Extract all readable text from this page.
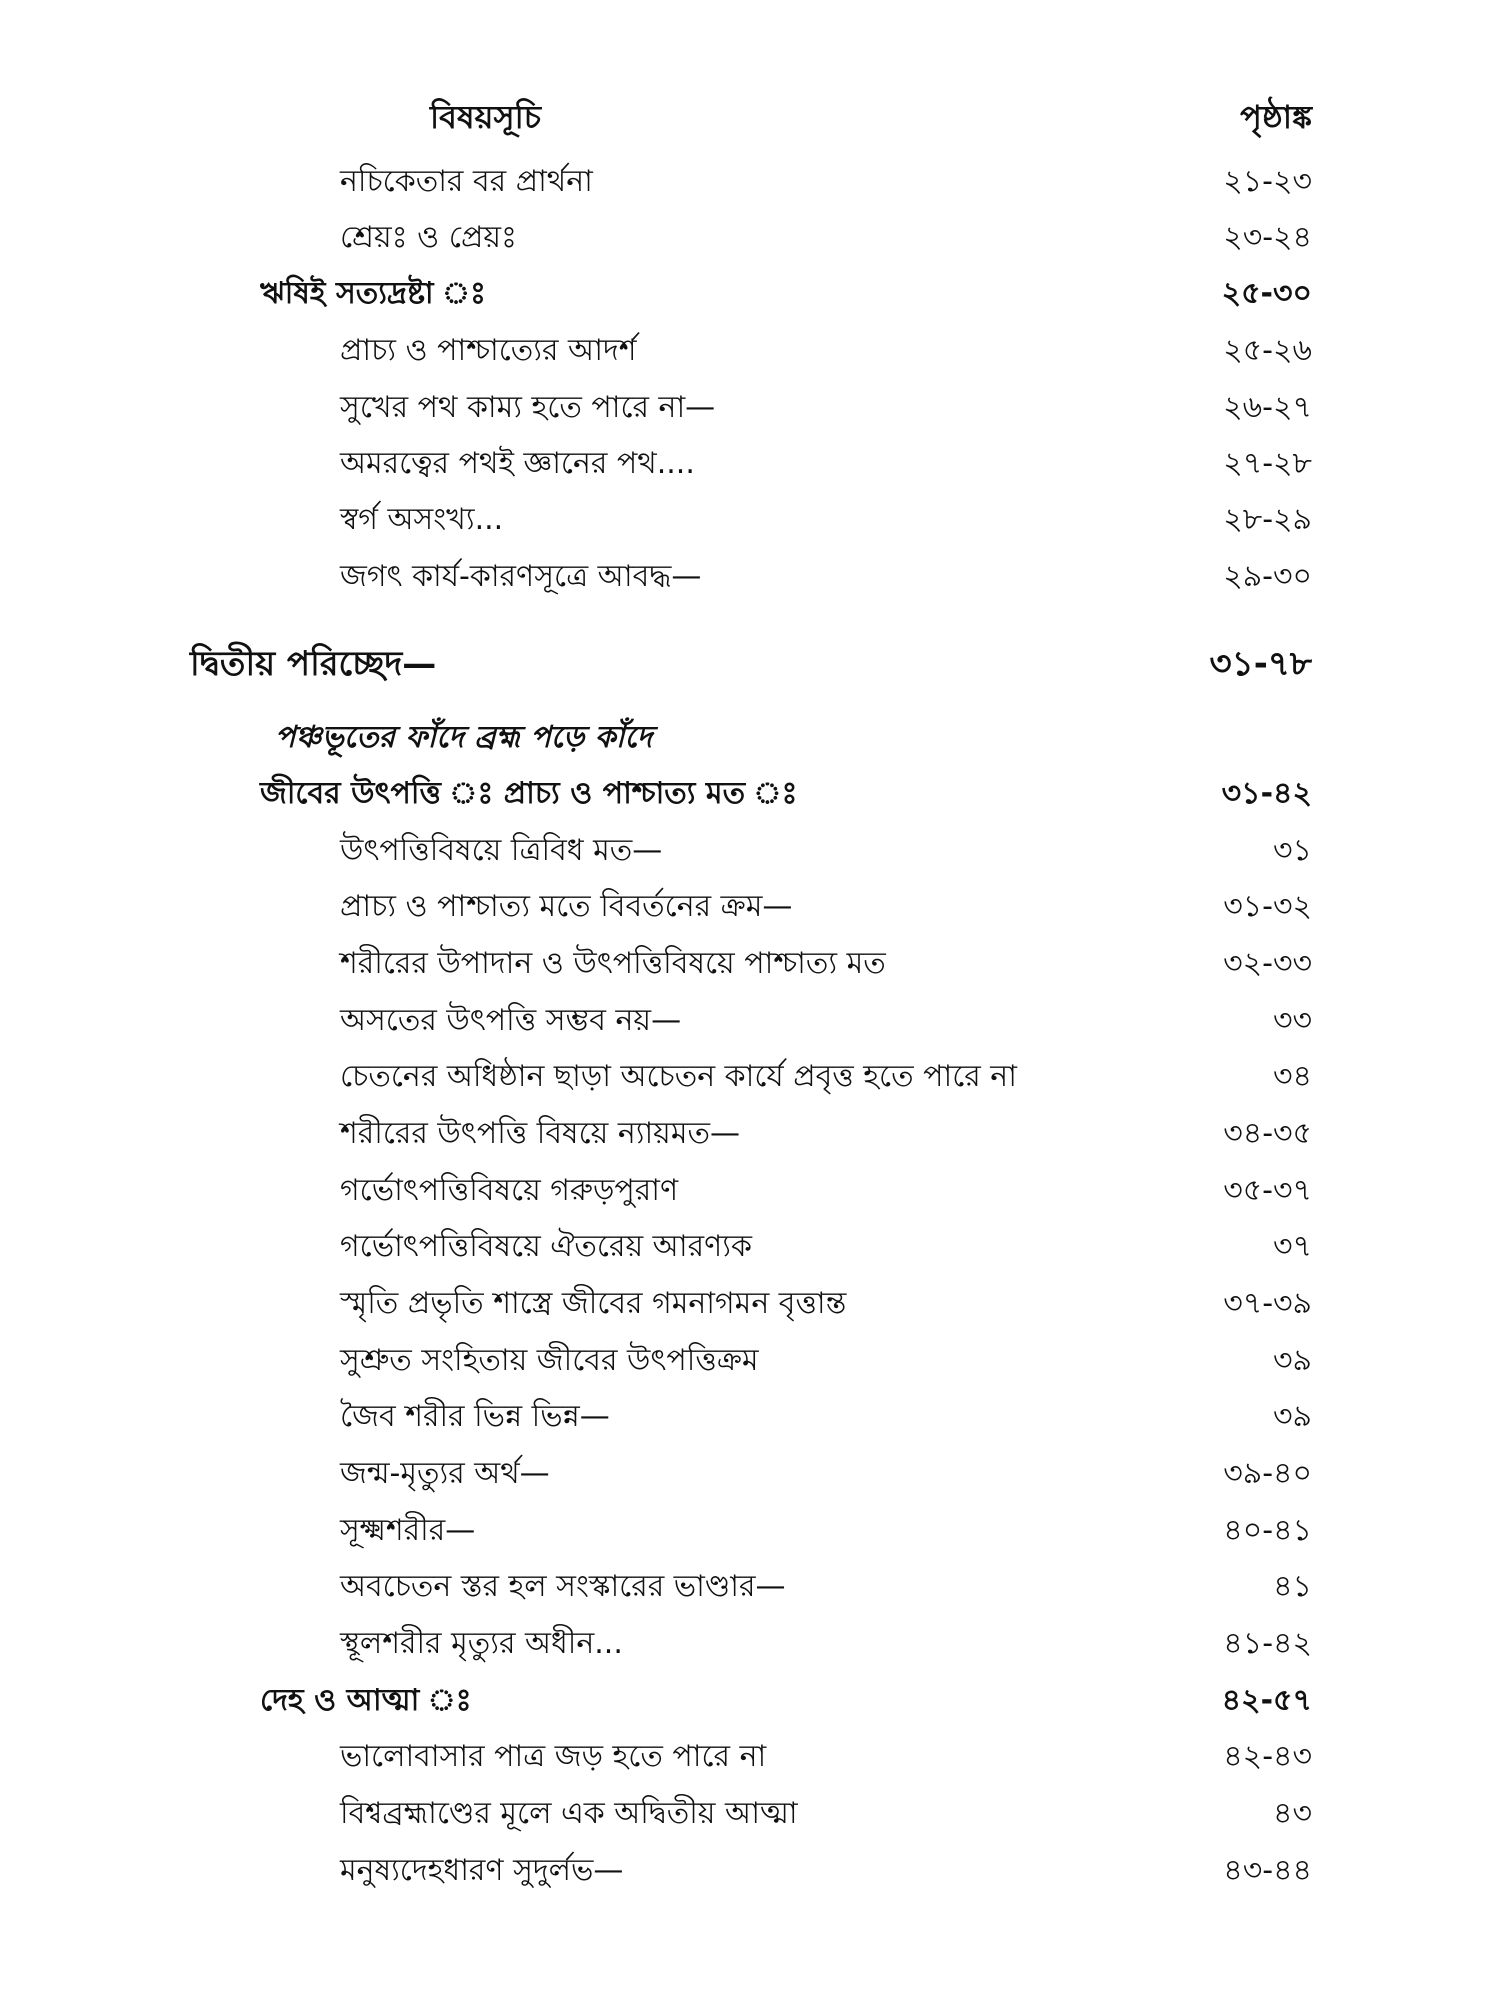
বিষয়সূচি	পৃষ্ঠাঙ্ক
নচিকেতার বর প্রার্থনা	২১-২৩
শ্রেয়ঃ ও প্রেয়ঃ	২৩-২৪
ঋষিই সত্যদ্রষ্টা ঃ	২৫-৩০
প্রাচ্য ও পাশ্চাত্যের আদর্শ	২৫-২৬
সুখের পথ কাম্য হতে পারে না—	২৬-২৭
অমরত্বের পথই জ্ঞানের পথ....	২৭-২৮
স্বর্গ অসংখ্য...	২৮-২৯
জগৎ কার্য-কারণসূত্রে আবদ্ধ—	২৯-৩০
দ্বিতীয় পরিচ্ছেদ—	৩১-৭৮
পঞ্চভূতের ফাঁদে ব্রহ্ম পড়ে কাঁদে
জীবের উৎপত্তি ঃ প্রাচ্য ও পাশ্চাত্য মত ঃ	৩১-৪২
উৎপত্তিবিষয়ে ত্রিবিধ মত—	৩১
প্রাচ্য ও পাশ্চাত্য মতে বিবর্তনের ক্রম—	৩১-৩২
শরীরের উপাদান ও উৎপত্তিবিষয়ে পাশ্চাত্য মত	৩২-৩৩
অসতের উৎপত্তি সম্ভব নয়—	৩৩
চেতনের অধিষ্ঠান ছাড়া অচেতন কার্যে প্রবৃত্ত হতে পারে না	৩৪
শরীরের উৎপত্তি বিষয়ে ন্যায়মত—	৩৪-৩৫
গর্ভোৎপত্তিবিষয়ে গরুড়পুরাণ	৩৫-৩৭
গর্ভোৎপত্তিবিষয়ে ঐতরেয় আরণ্যক	৩৭
স্মৃতি প্রভৃতি শাস্ত্রে জীবের গমনাগমন বৃত্তান্ত	৩৭-৩৯
সুশ্রুত সংহিতায় জীবের উৎপত্তিক্রম	৩৯
জৈব শরীর ভিন্ন ভিন্ন—	৩৯
জন্ম-মৃত্যুর অর্থ—	৩৯-৪০
সূক্ষ্মশরীর—	৪০-৪১
অবচেতন স্তর হল সংস্কারের ভাণ্ডার—	৪১
স্থূলশরীর মৃত্যুর অধীন...	৪১-৪২
দেহ ও আত্মা ঃ	৪২-৫৭
ভালোবাসার পাত্র জড় হতে পারে না	৪২-৪৩
বিশ্বব্রহ্মাণ্ডের মূলে এক অদ্বিতীয় আত্মা	৪৩
মনুষ্যদেহধারণ সুদুর্লভ—	৪৩-৪৪
